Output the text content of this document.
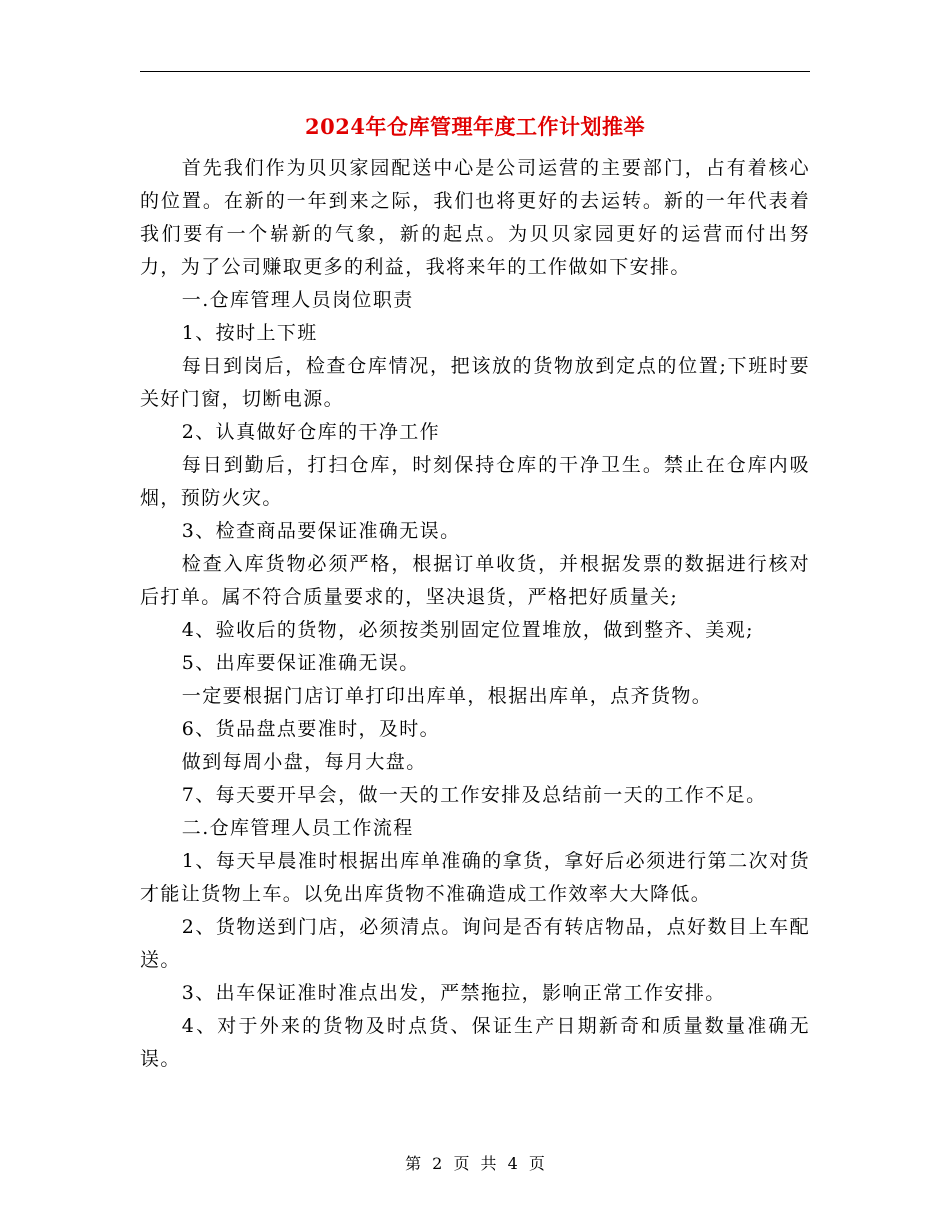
2024年仓库管理年度工作计划推举

首先我们作为贝贝家园配送中心是公司运营的主要部门，占有着核心的位置。在新的一年到来之际，我们也将更好的去运转。新的一年代表着我们要有一个崭新的气象，新的起点。为贝贝家园更好的运营而付出努力，为了公司赚取更多的利益，我将来年的工作做如下安排。

一.仓库管理人员岗位职责

1、按时上下班

每日到岗后，检查仓库情况，把该放的货物放到定点的位置;下班时要关好门窗，切断电源。

2、认真做好仓库的干净工作

每日到勤后，打扫仓库，时刻保持仓库的干净卫生。禁止在仓库内吸烟，预防火灾。

3、检查商品要保证准确无误。

检查入库货物必须严格，根据订单收货，并根据发票的数据进行核对后打单。属不符合质量要求的，坚决退货，严格把好质量关;

4、验收后的货物，必须按类别固定位置堆放，做到整齐、美观;

5、出库要保证准确无误。

一定要根据门店订单打印出库单，根据出库单，点齐货物。

6、货品盘点要准时，及时。

做到每周小盘，每月大盘。

7、每天要开早会，做一天的工作安排及总结前一天的工作不足。

二.仓库管理人员工作流程

1、每天早晨准时根据出库单准确的拿货，拿好后必须进行第二次对货才能让货物上车。以免出库货物不准确造成工作效率大大降低。

2、货物送到门店，必须清点。询问是否有转店物品，点好数目上车配送。

3、出车保证准时准点出发，严禁拖拉，影响正常工作安排。

4、对于外来的货物及时点货、保证生产日期新奇和质量数量准确无误。

第 2 页 共 4 页
